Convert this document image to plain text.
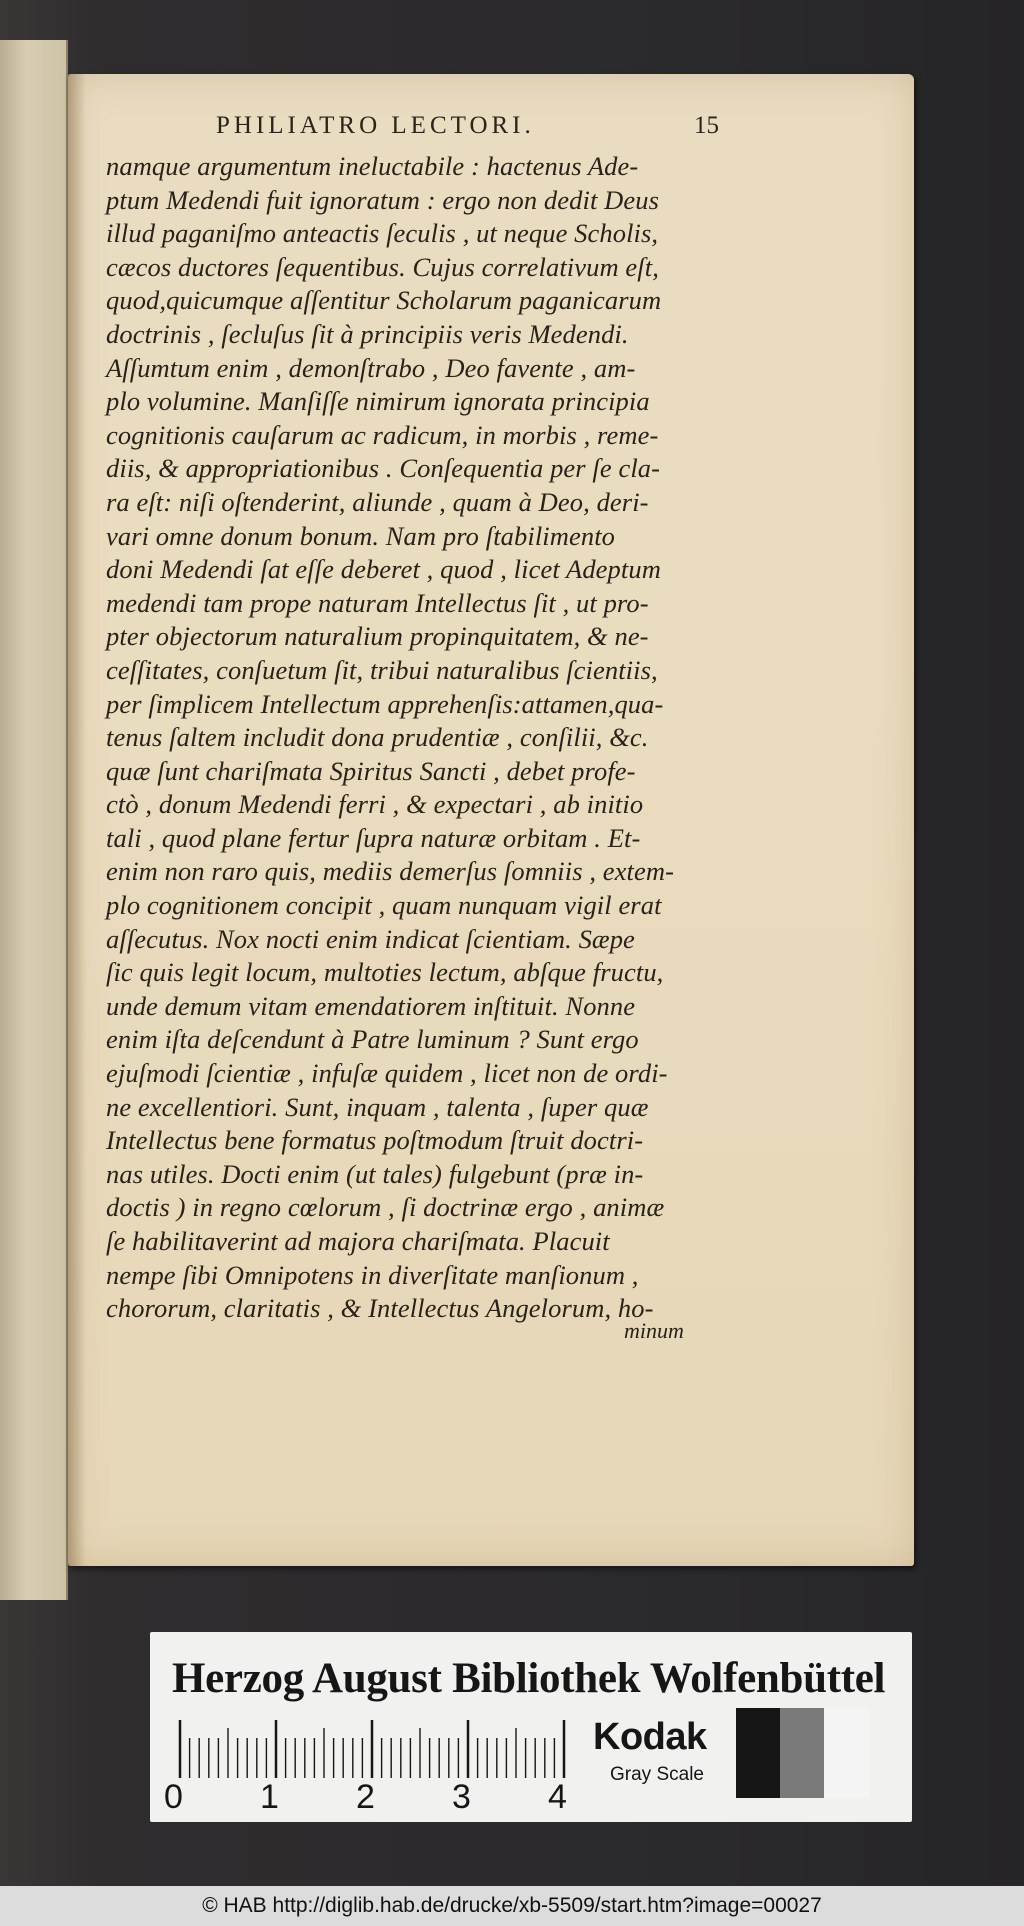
PHILIATRO LECTORI.	15
namque argumentum ineluctabile : hactenus Ade-
ptum Medendi fuit ignoratum : ergo non dedit Deus
illud paganiſmo anteactis ſeculis , ut neque Scholis,
cæcos ductores ſequentibus. Cujus correlativum eſt,
quod,quicumque aſſentitur Scholarum paganicarum
doctrinis , ſecluſus ſit à principiis veris Medendi.
Aſſumtum enim , demonſtrabo , Deo favente , am-
plo volumine. Manſiſſe nimirum ignorata principia
cognitionis cauſarum ac radicum, in morbis , reme-
diis, & appropriationibus . Conſequentia per ſe cla-
ra eſt: niſi oſtenderint, aliunde , quam à Deo, deri-
vari omne donum bonum. Nam pro ſtabilimento
doni Medendi ſat eſſe deberet , quod , licet Adeptum
medendi tam prope naturam Intellectus ſit , ut pro-
pter objectorum naturalium propinquitatem, & ne-
ceſſitates, conſuetum ſit, tribui naturalibus ſcientiis,
per ſimplicem Intellectum apprehenſis:attamen,qua-
tenus ſaltem includit dona prudentiæ , conſilii, &c.
quæ ſunt chariſmata Spiritus Sancti , debet profe-
ctò , donum Medendi ferri , & expectari , ab initio
tali , quod plane fertur ſupra naturæ orbitam . Et-
enim non raro quis, mediis demerſus ſomniis , extem-
plo cognitionem concipit , quam nunquam vigil erat
aſſecutus. Nox nocti enim indicat ſcientiam. Sæpe
ſic quis legit locum, multoties lectum, abſque fructu,
unde demum vitam emendatiorem inſtituit. Nonne
enim iſta deſcendunt à Patre luminum ? Sunt ergo
ejuſmodi ſcientiæ , infuſæ quidem , licet non de ordi-
ne excellentiori. Sunt, inquam , talenta , ſuper quæ
Intellectus bene formatus poſtmodum ſtruit doctri-
nas utiles. Docti enim (ut tales) fulgebunt (præ in-
doctis ) in regno cœlorum , ſi doctrinæ ergo , animæ
ſe habilitaverint ad majora chariſmata. Placuit
nempe ſibi Omnipotens in diverſitate manſionum ,
chororum, claritatis , & Intellectus Angelorum, ho-
minum
Herzog August Bibliothek Wolfenbüttel
0 1 2 3 4
Kodak
Gray Scale
© HAB http://diglib.hab.de/drucke/xb-5509/start.htm?image=00027
